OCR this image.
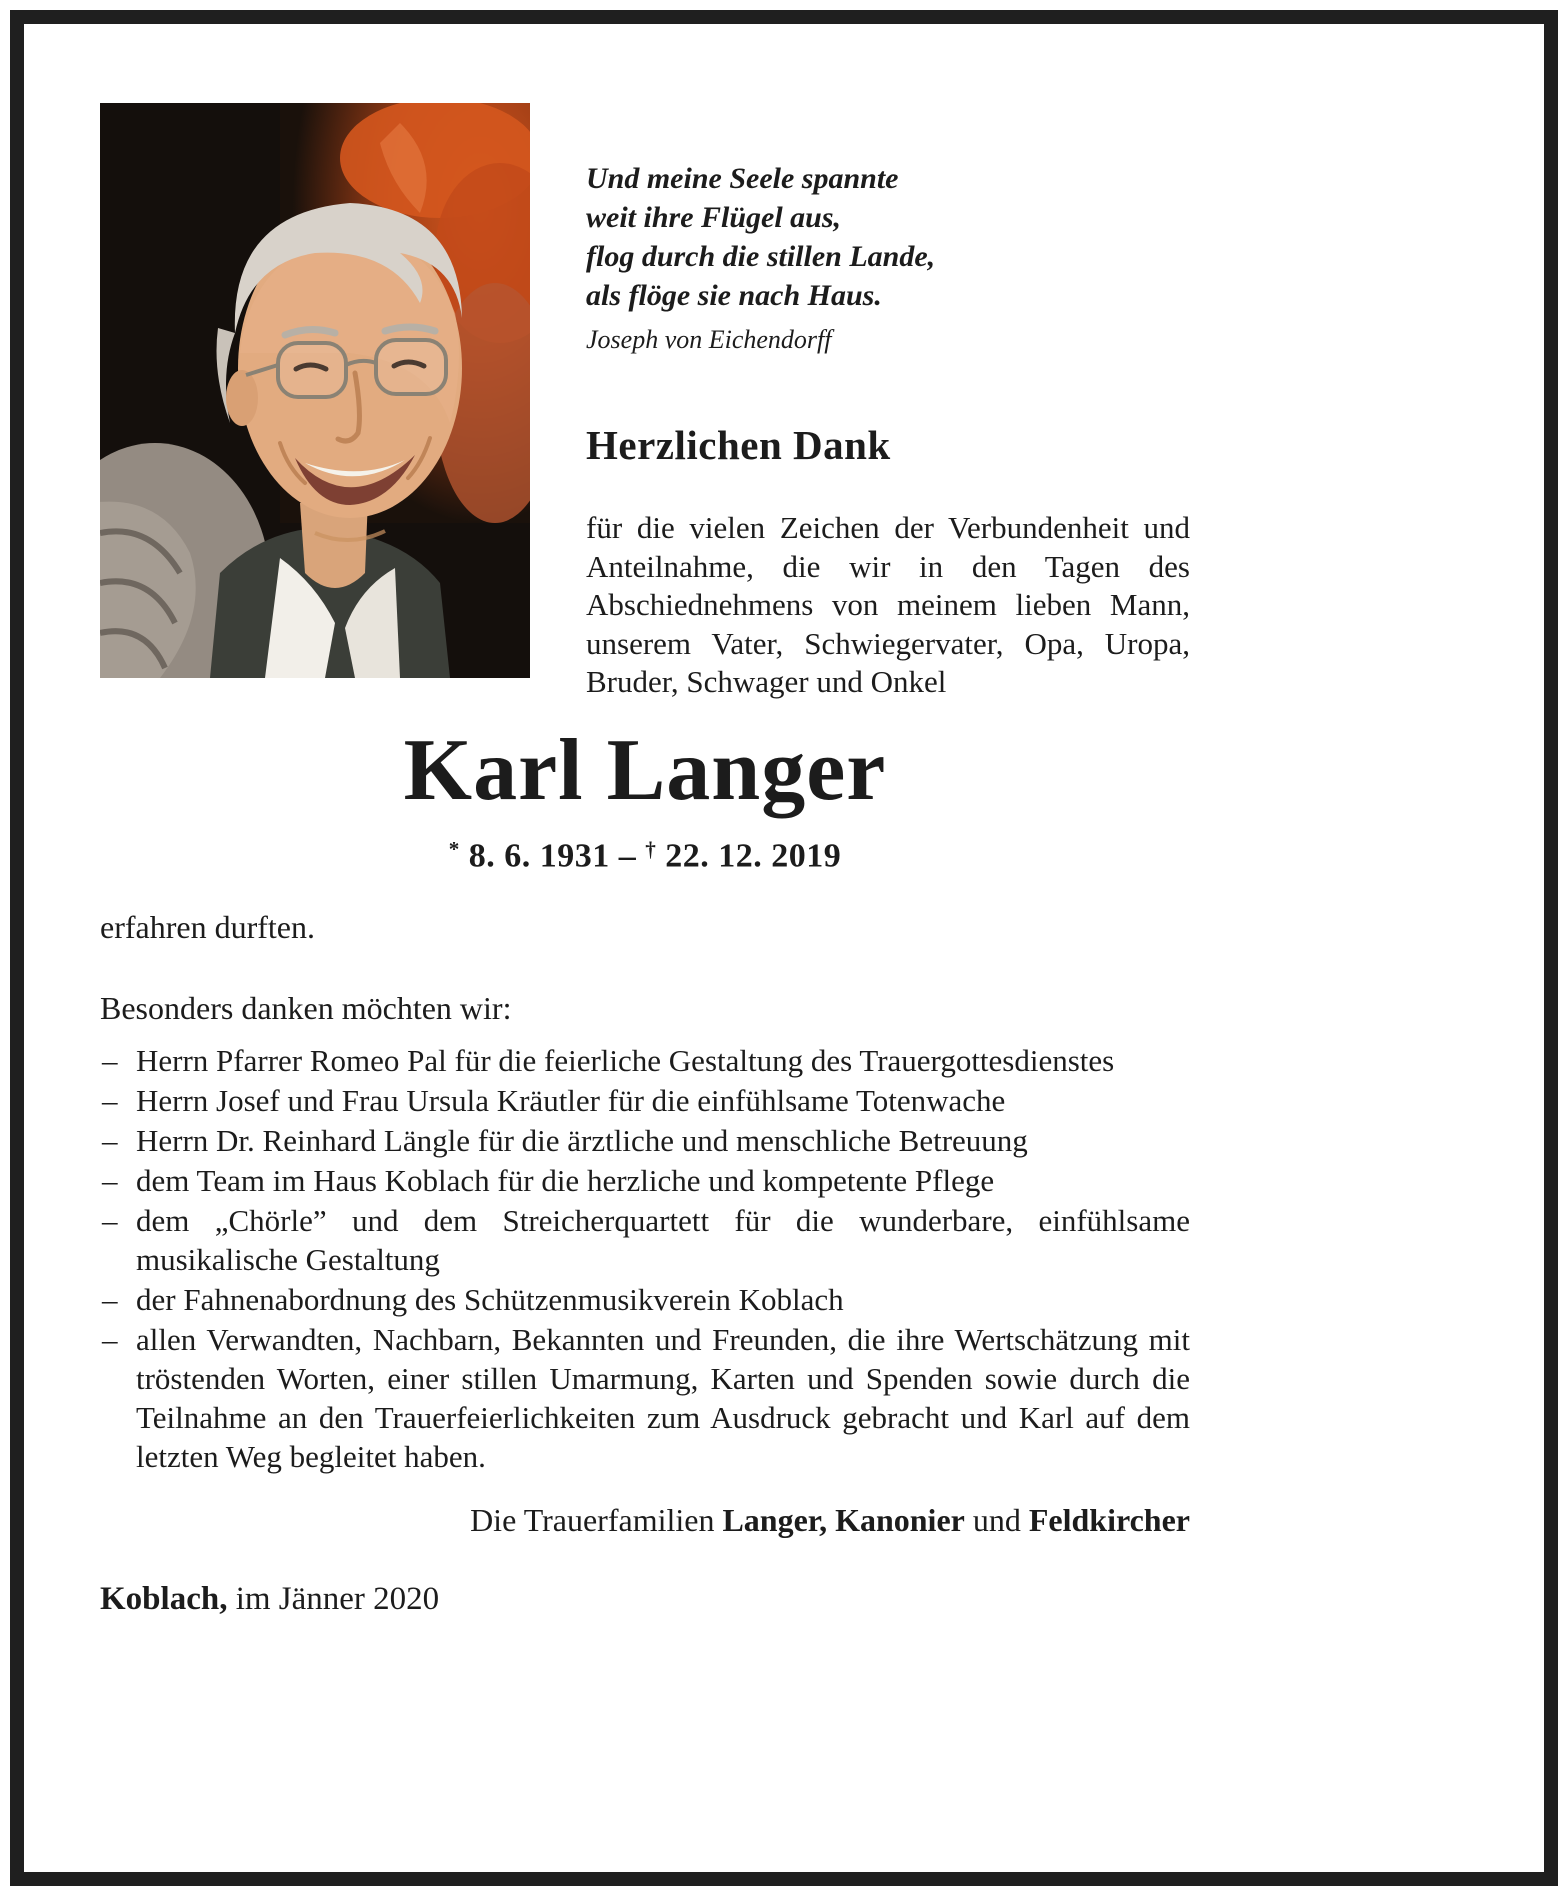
Und meine Seele spannte
weit ihre Flügel aus,
flog durch die stillen Lande,
als flöge sie nach Haus.
Joseph von Eichendorff
Herzlichen Dank
für die vielen Zeichen der Verbundenheit und Anteilnahme, die wir in den Tagen des Abschiednehmens von meinem lieben Mann, unserem Vater, Schwiegervater, Opa, Uropa, Bruder, Schwager und Onkel
Karl Langer
* 8. 6. 1931 – † 22. 12. 2019
erfahren durften.
Besonders danken möchten wir:
– Herrn Pfarrer Romeo Pal für die feierliche Gestaltung des Trauergottesdienstes
– Herrn Josef und Frau Ursula Kräutler für die einfühlsame Totenwache
– Herrn Dr. Reinhard Längle für die ärztliche und menschliche Betreuung
– dem Team im Haus Koblach für die herzliche und kompetente Pflege
– dem „Chörle” und dem Streicherquartett für die wunderbare, einfühlsame musikalische Gestaltung
– der Fahnenabordnung des Schützenmusikverein Koblach
– allen Verwandten, Nachbarn, Bekannten und Freunden, die ihre Wertschätzung mit tröstenden Worten, einer stillen Umarmung, Karten und Spenden sowie durch die Teilnahme an den Trauerfeierlichkeiten zum Ausdruck gebracht und Karl auf dem letzten Weg begleitet haben.
Die Trauerfamilien Langer, Kanonier und Feldkircher
Koblach, im Jänner 2020
